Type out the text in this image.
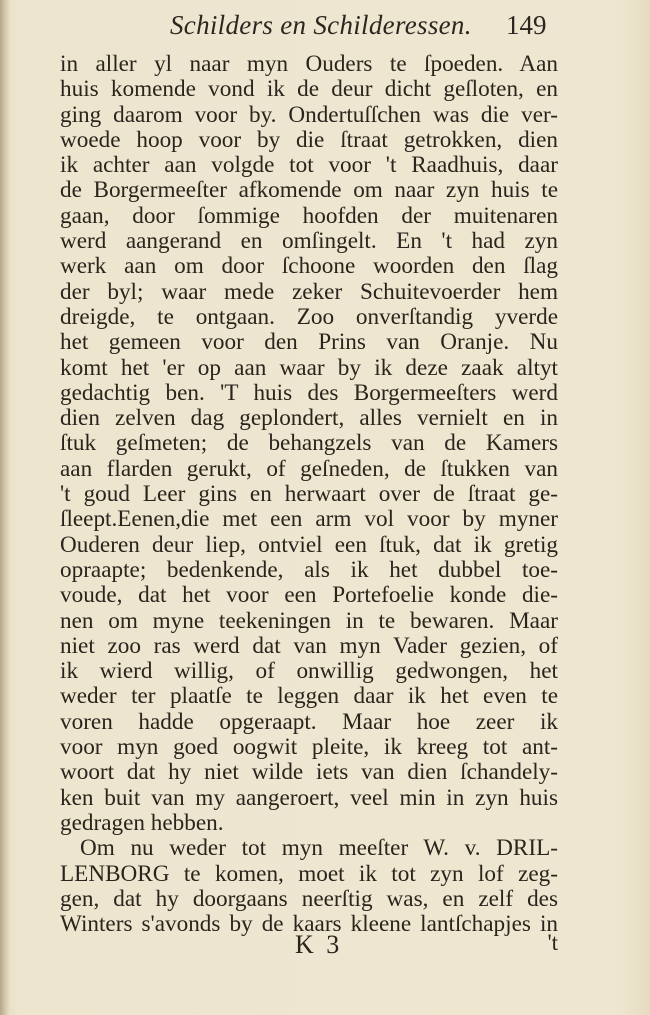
Schilders en Schilderessen. 149
in aller yl naar myn Ouders te ſpoeden. Aan
huis komende vond ik de deur dicht geſloten, en
ging daarom voor by. Ondertuſſchen was die ver-
woede hoop voor by die ſtraat getrokken, dien
ik achter aan volgde tot voor 't Raadhuis, daar
de Borgermeeſter afkomende om naar zyn huis te
gaan, door ſommige hoofden der muitenaren
werd aangerand en omſingelt. En 't had zyn
werk aan om door ſchoone woorden den ſlag
der byl; waar mede zeker Schuitevoerder hem
dreigde, te ontgaan. Zoo onverſtandig yverde
het gemeen voor den Prins van Oranje. Nu
komt het 'er op aan waar by ik deze zaak altyt
gedachtig ben. 'T huis des Borgermeeſters werd
dien zelven dag geplondert, alles vernielt en in
ſtuk geſmeten; de behangzels van de Kamers
aan flarden gerukt, of geſneden, de ſtukken van
't goud Leer gins en herwaart over de ſtraat ge-
ſleept.Eenen,die met een arm vol voor by myner
Ouderen deur liep, ontviel een ſtuk, dat ik gretig
opraapte; bedenkende, als ik het dubbel toe-
voude, dat het voor een Portefoelie konde die-
nen om myne teekeningen in te bewaren. Maar
niet zoo ras werd dat van myn Vader gezien, of
ik wierd willig, of onwillig gedwongen, het
weder ter plaatſe te leggen daar ik het even te
voren hadde opgeraapt. Maar hoe zeer ik
voor myn goed oogwit pleite, ik kreeg tot ant-
woort dat hy niet wilde iets van dien ſchandely-
ken buit van my aangeroert, veel min in zyn huis
gedragen hebben.
Om nu weder tot myn meeſter W. v. DRIL-
LENBORG te komen, moet ik tot zyn lof zeg-
gen, dat hy doorgaans neerſtig was, en zelf des
Winters s'avonds by de kaars kleene lantſchapjes in
K 3	't
